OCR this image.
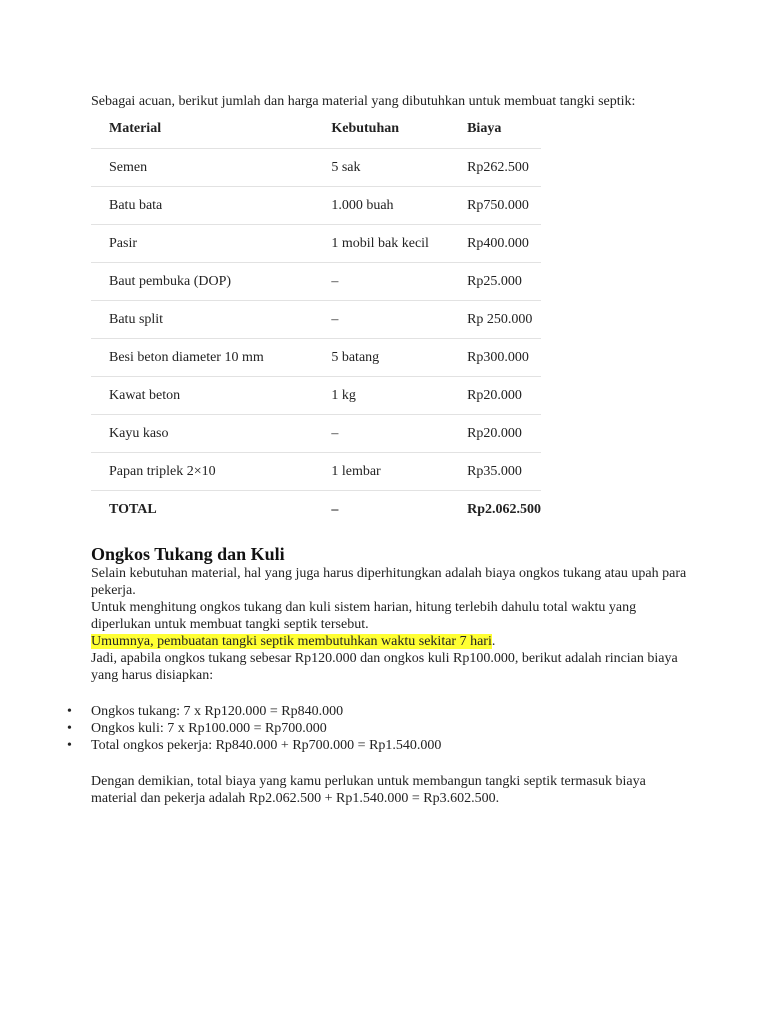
Sebagai acuan, berikut jumlah dan harga material yang dibutuhkan untuk membuat tangki septik:

Material	Kebutuhan	Biaya
Semen	5 sak	Rp262.500
Batu bata	1.000 buah	Rp750.000
Pasir	1 mobil bak kecil	Rp400.000
Baut pembuka (DOP)	–	Rp25.000
Batu split	–	Rp 250.000
Besi beton diameter 10 mm	5 batang	Rp300.000
Kawat beton	1 kg	Rp20.000
Kayu kaso	–	Rp20.000
Papan triplek 2×10	1 lembar	Rp35.000
TOTAL	–	Rp2.062.500
Ongkos Tukang dan Kuli

Selain kebutuhan material, hal yang juga harus diperhitungkan adalah biaya ongkos tukang atau upah para pekerja.

Untuk menghitung ongkos tukang dan kuli sistem harian, hitung terlebih dahulu total waktu yang diperlukan untuk membuat tangki septik tersebut.

Umumnya, pembuatan tangki septik membutuhkan waktu sekitar 7 hari.

Jadi, apabila ongkos tukang sebesar Rp120.000 dan ongkos kuli Rp100.000, berikut adalah rincian biaya yang harus disiapkan:

• Ongkos tukang: 7 x Rp120.000 = Rp840.000
• Ongkos kuli: 7 x Rp100.000 = Rp700.000
• Total ongkos pekerja: Rp840.000 + Rp700.000 = Rp1.540.000

Dengan demikian, total biaya yang kamu perlukan untuk membangun tangki septik termasuk biaya material dan pekerja adalah Rp2.062.500 + Rp1.540.000 = Rp3.602.500.
